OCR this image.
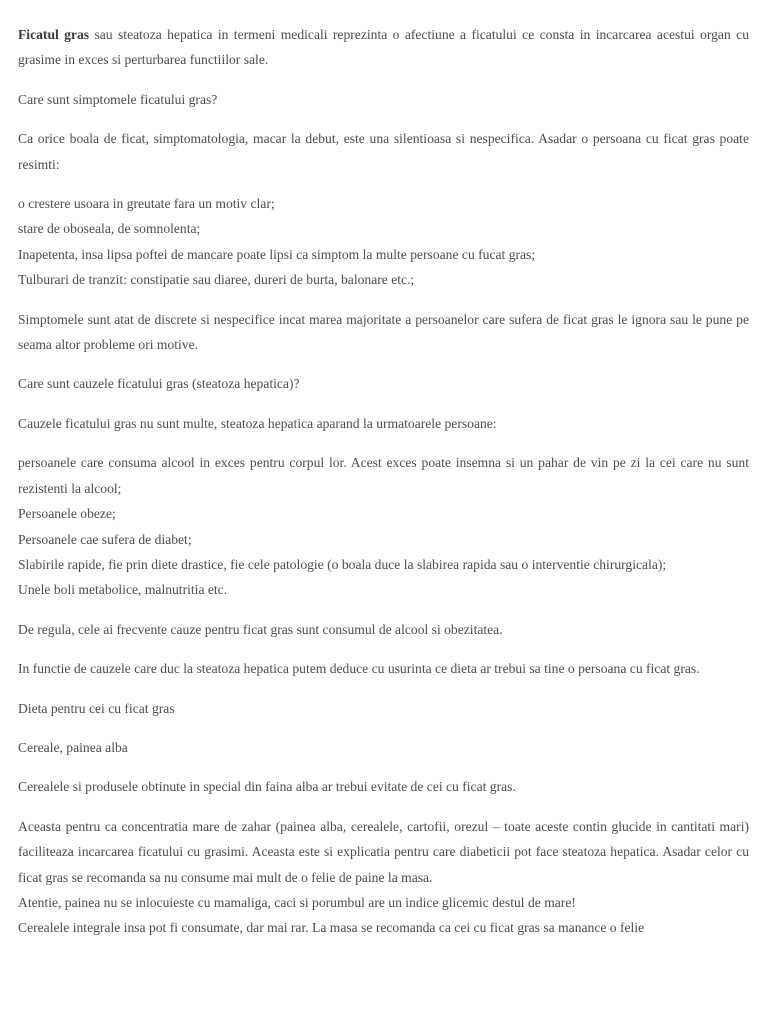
Ficatul gras sau steatoza hepatica in termeni medicali reprezinta o afectiune a ficatului ce consta in incarcarea acestui organ cu grasime in exces si perturbarea functiilor sale.

Care sunt simptomele ficatului gras?

Ca orice boala de ficat, simptomatologia, macar la debut, este una silentioasa si nespecifica. Asadar o persoana cu ficat gras poate resimti:

o crestere usoara in greutate fara un motiv clar;
stare de oboseala, de somnolenta;
Inapetenta, insa lipsa poftei de mancare poate lipsi ca simptom la multe persoane cu fucat gras;
Tulburari de tranzit: constipatie sau diaree, dureri de burta, balonare etc.;

Simptomele sunt atat de discrete si nespecifice incat marea majoritate a persoanelor care sufera de ficat gras le ignora sau le pune pe seama altor probleme ori motive.

Care sunt cauzele ficatului gras (steatoza hepatica)?

Cauzele ficatului gras nu sunt multe, steatoza hepatica aparand la urmatoarele persoane:

persoanele care consuma alcool in exces pentru corpul lor. Acest exces poate insemna si un pahar de vin pe zi la cei care nu sunt rezistenti la alcool;
Persoanele obeze;
Persoanele cae sufera de diabet;
Slabirile rapide, fie prin diete drastice, fie cele patologie (o boala duce la slabirea rapida sau o interventie chirurgicala);
Unele boli metabolice, malnutritia etc.

De regula, cele ai frecvente cauze pentru ficat gras sunt consumul de alcool si obezitatea.

In functie de cauzele care duc la steatoza hepatica putem deduce cu usurinta ce dieta ar trebui sa tine o persoana cu ficat gras.

Dieta pentru cei cu ficat gras

Cereale, painea alba

Cerealele si produsele obtinute in special din faina alba ar trebui evitate de cei cu ficat gras.

Aceasta pentru ca concentratia mare de zahar (painea alba, cerealele, cartofii, orezul – toate aceste contin glucide in cantitati mari) faciliteaza incarcarea ficatului cu grasimi. Aceasta este si explicatia pentru care diabeticii pot face steatoza hepatica. Asadar celor cu ficat gras se recomanda sa nu consume mai mult de o felie de paine la masa.
Atentie, painea nu se inlocuieste cu mamaliga, caci si porumbul are un indice glicemic destul de mare!
Cerealele integrale insa pot fi consumate, dar mai rar. La masa se recomanda ca cei cu ficat gras sa manance o felie
